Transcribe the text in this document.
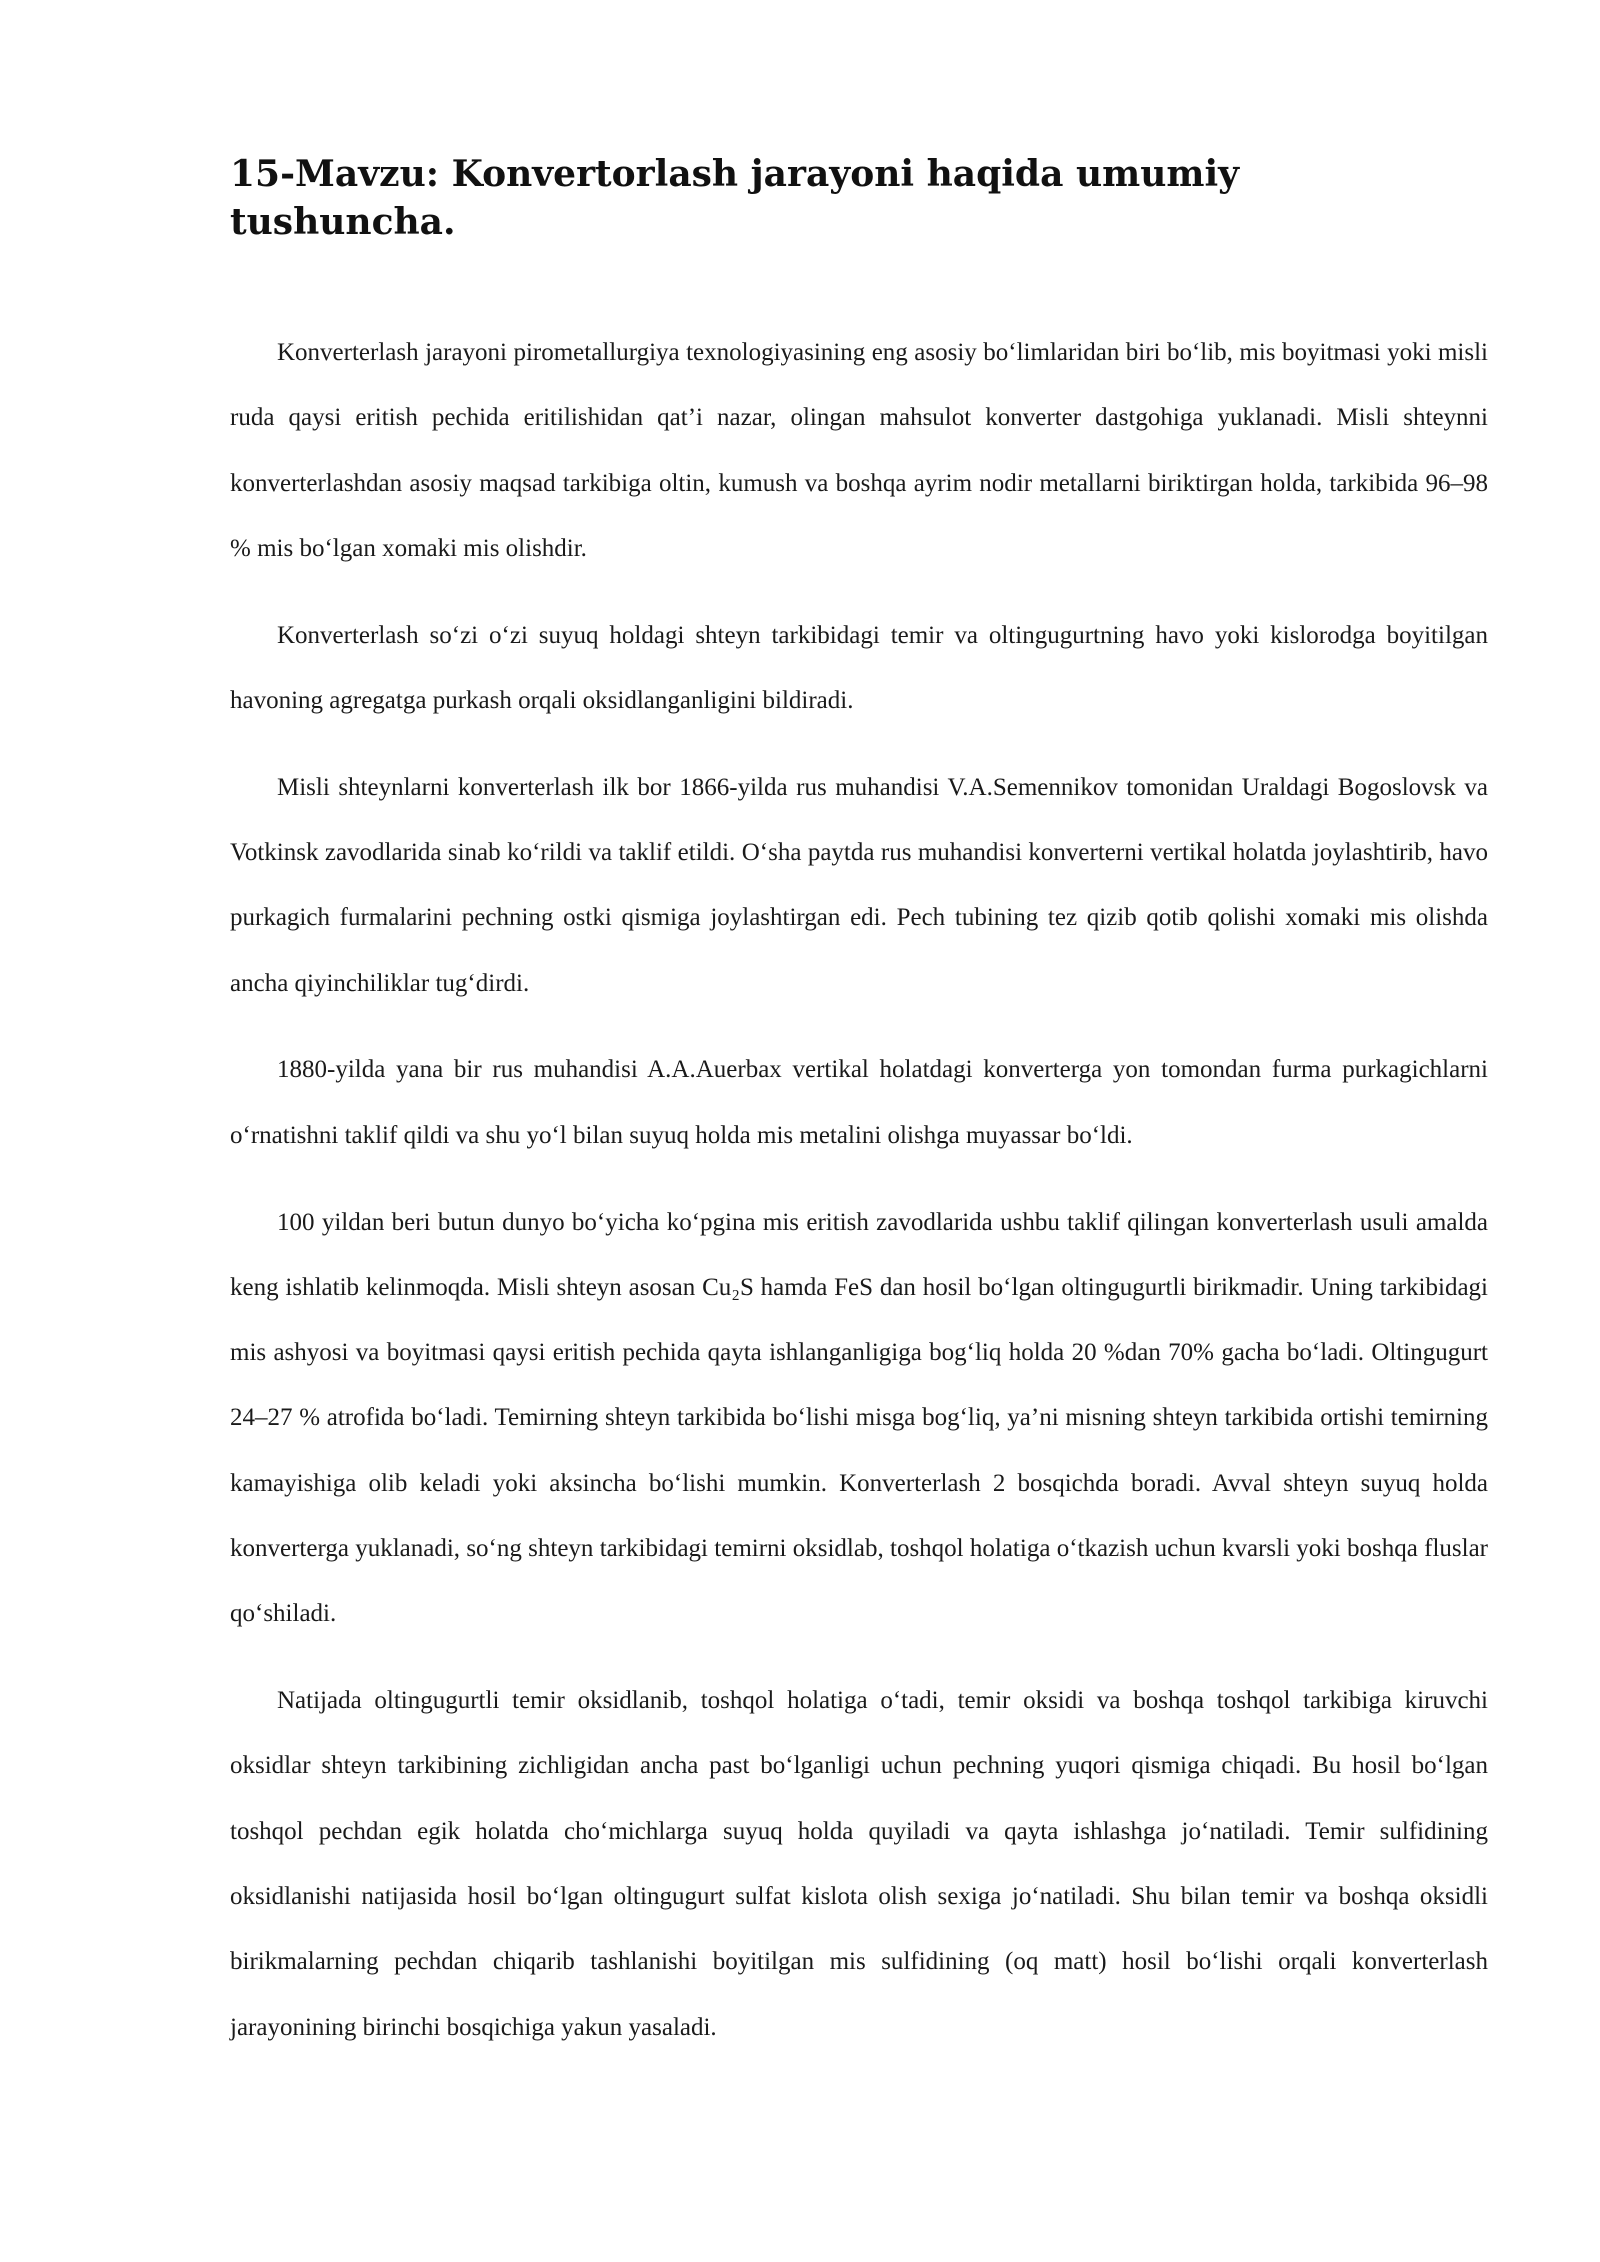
15-Mavzu: Konvertorlash jarayoni haqida umumiy tushuncha.

Konverterlash jarayoni pirometallurgiya texnologiyasining eng asosiy bo‘limlaridan biri bo‘lib, mis boyitmasi yoki misli ruda qaysi eritish pechida eritilishidan qat’i nazar, olingan mahsulot konverter dastgohiga yuklanadi. Misli shteynni konverterlashdan asosiy maqsad tarkibiga oltin, kumush va boshqa ayrim nodir metallarni biriktirgan holda, tarkibida 96–98 % mis bo‘lgan xomaki mis olishdir.

Konverterlash so‘zi o‘zi suyuq holdagi shteyn tarkibidagi temir va oltingugurtning havo yoki kislorodga boyitilgan havoning agregatga purkash orqali oksidlanganligini bildiradi.

Misli shteynlarni konverterlash ilk bor 1866-yilda rus muhandisi V.A.Semennikov tomonidan Uraldagi Bogoslovsk va Votkinsk zavodlarida sinab ko‘rildi va taklif etildi. O‘sha paytda rus muhandisi konverterni vertikal holatda joylashtirib, havo purkagich furmalarini pechning ostki qismiga joylashtirgan edi. Pech tubining tez qizib qotib qolishi xomaki mis olishda ancha qiyinchiliklar tug‘dirdi.

1880-yilda yana bir rus muhandisi A.A.Auerbax vertikal holatdagi konverterga yon tomondan furma purkagichlarni o‘rnatishni taklif qildi va shu yo‘l bilan suyuq holda mis metalini olishga muyassar bo‘ldi.

100 yildan beri butun dunyo bo‘yicha ko‘pgina mis eritish zavodlarida ushbu taklif qilingan konverterlash usuli amalda keng ishlatib kelinmoqda. Misli shteyn asosan Cu₂S hamda FeS dan hosil bo‘lgan oltingugurtli birikmadir. Uning tarkibidagi mis ashyosi va boyitmasi qaysi eritish pechida qayta ishlanganligiga bog‘liq holda 20 %dan 70% gacha bo‘ladi. Oltingugurt 24–27 % atrofida bo‘ladi. Temirning shteyn tarkibida bo‘lishi misga bog‘liq, ya’ni misning shteyn tarkibida ortishi temirning kamayishiga olib keladi yoki aksincha bo‘lishi mumkin. Konverterlash 2 bosqichda boradi. Avval shteyn suyuq holda konverterga yuklanadi, so‘ng shteyn tarkibidagi temirni oksidlab, toshqol holatiga o‘tkazish uchun kvarsli yoki boshqa fluslar qo‘shiladi.

Natijada oltingugurtli temir oksidlanib, toshqol holatiga o‘tadi, temir oksidi va boshqa toshqol tarkibiga kiruvchi oksidlar shteyn tarkibining zichligidan ancha past bo‘lganligi uchun pechning yuqori qismiga chiqadi. Bu hosil bo‘lgan toshqol pechdan egik holatda cho‘michlarga suyuq holda quyiladi va qayta ishlashga jo‘natiladi. Temir sulfidining oksidlanishi natijasida hosil bo‘lgan oltingugurt sulfat kislota olish sexiga jo‘natiladi. Shu bilan temir va boshqa oksidli birikmalarning pechdan chiqarib tashlanishi boyitilgan mis sulfidining (oq matt) hosil bo‘lishi orqali konverterlash jarayonining birinchi bosqichiga yakun yasaladi.
